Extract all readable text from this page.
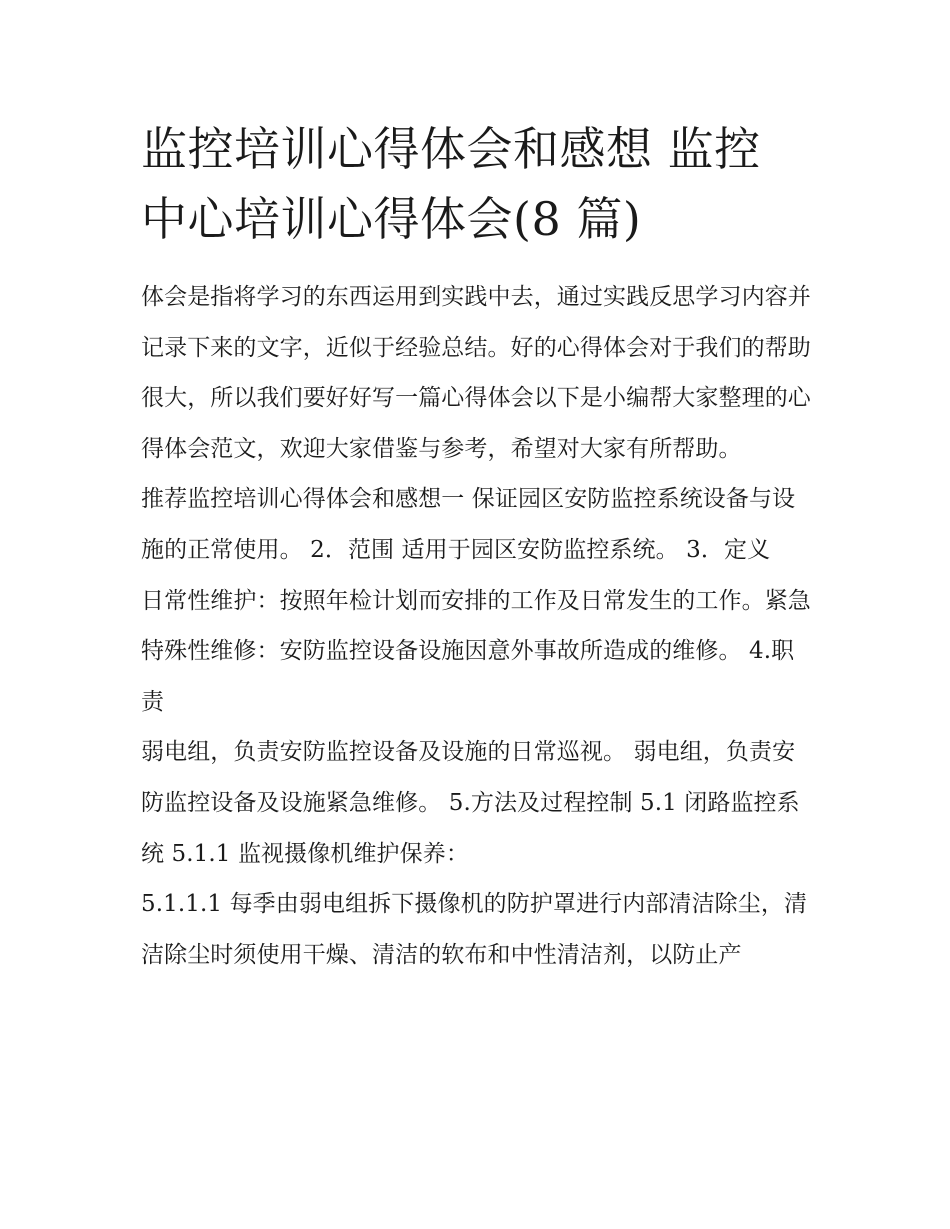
监控培训心得体会和感想 监控
中心培训心得体会(8 篇)

体会是指将学习的东西运用到实践中去，通过实践反思学习内容并记录下来的文字，近似于经验总结。好的心得体会对于我们的帮助很大，所以我们要好好写一篇心得体会以下是小编帮大家整理的心得体会范文，欢迎大家借鉴与参考，希望对大家有所帮助。

推荐监控培训心得体会和感想一 保证园区安防监控系统设备与设施的正常使用。 2．范围 适用于园区安防监控系统。 3．定义

日常性维护：按照年检计划而安排的工作及日常发生的工作。紧急特殊性维修：安防监控设备设施因意外事故所造成的维修。 4.职责

弱电组，负责安防监控设备及设施的日常巡视。 弱电组，负责安防监控设备及设施紧急维修。 5.方法及过程控制 5.1 闭路监控系统 5.1.1 监视摄像机维护保养：

5.1.1.1 每季由弱电组拆下摄像机的防护罩进行内部清洁除尘，清洁除尘时须使用干燥、清洁的软布和中性清洁剂，以防止产
